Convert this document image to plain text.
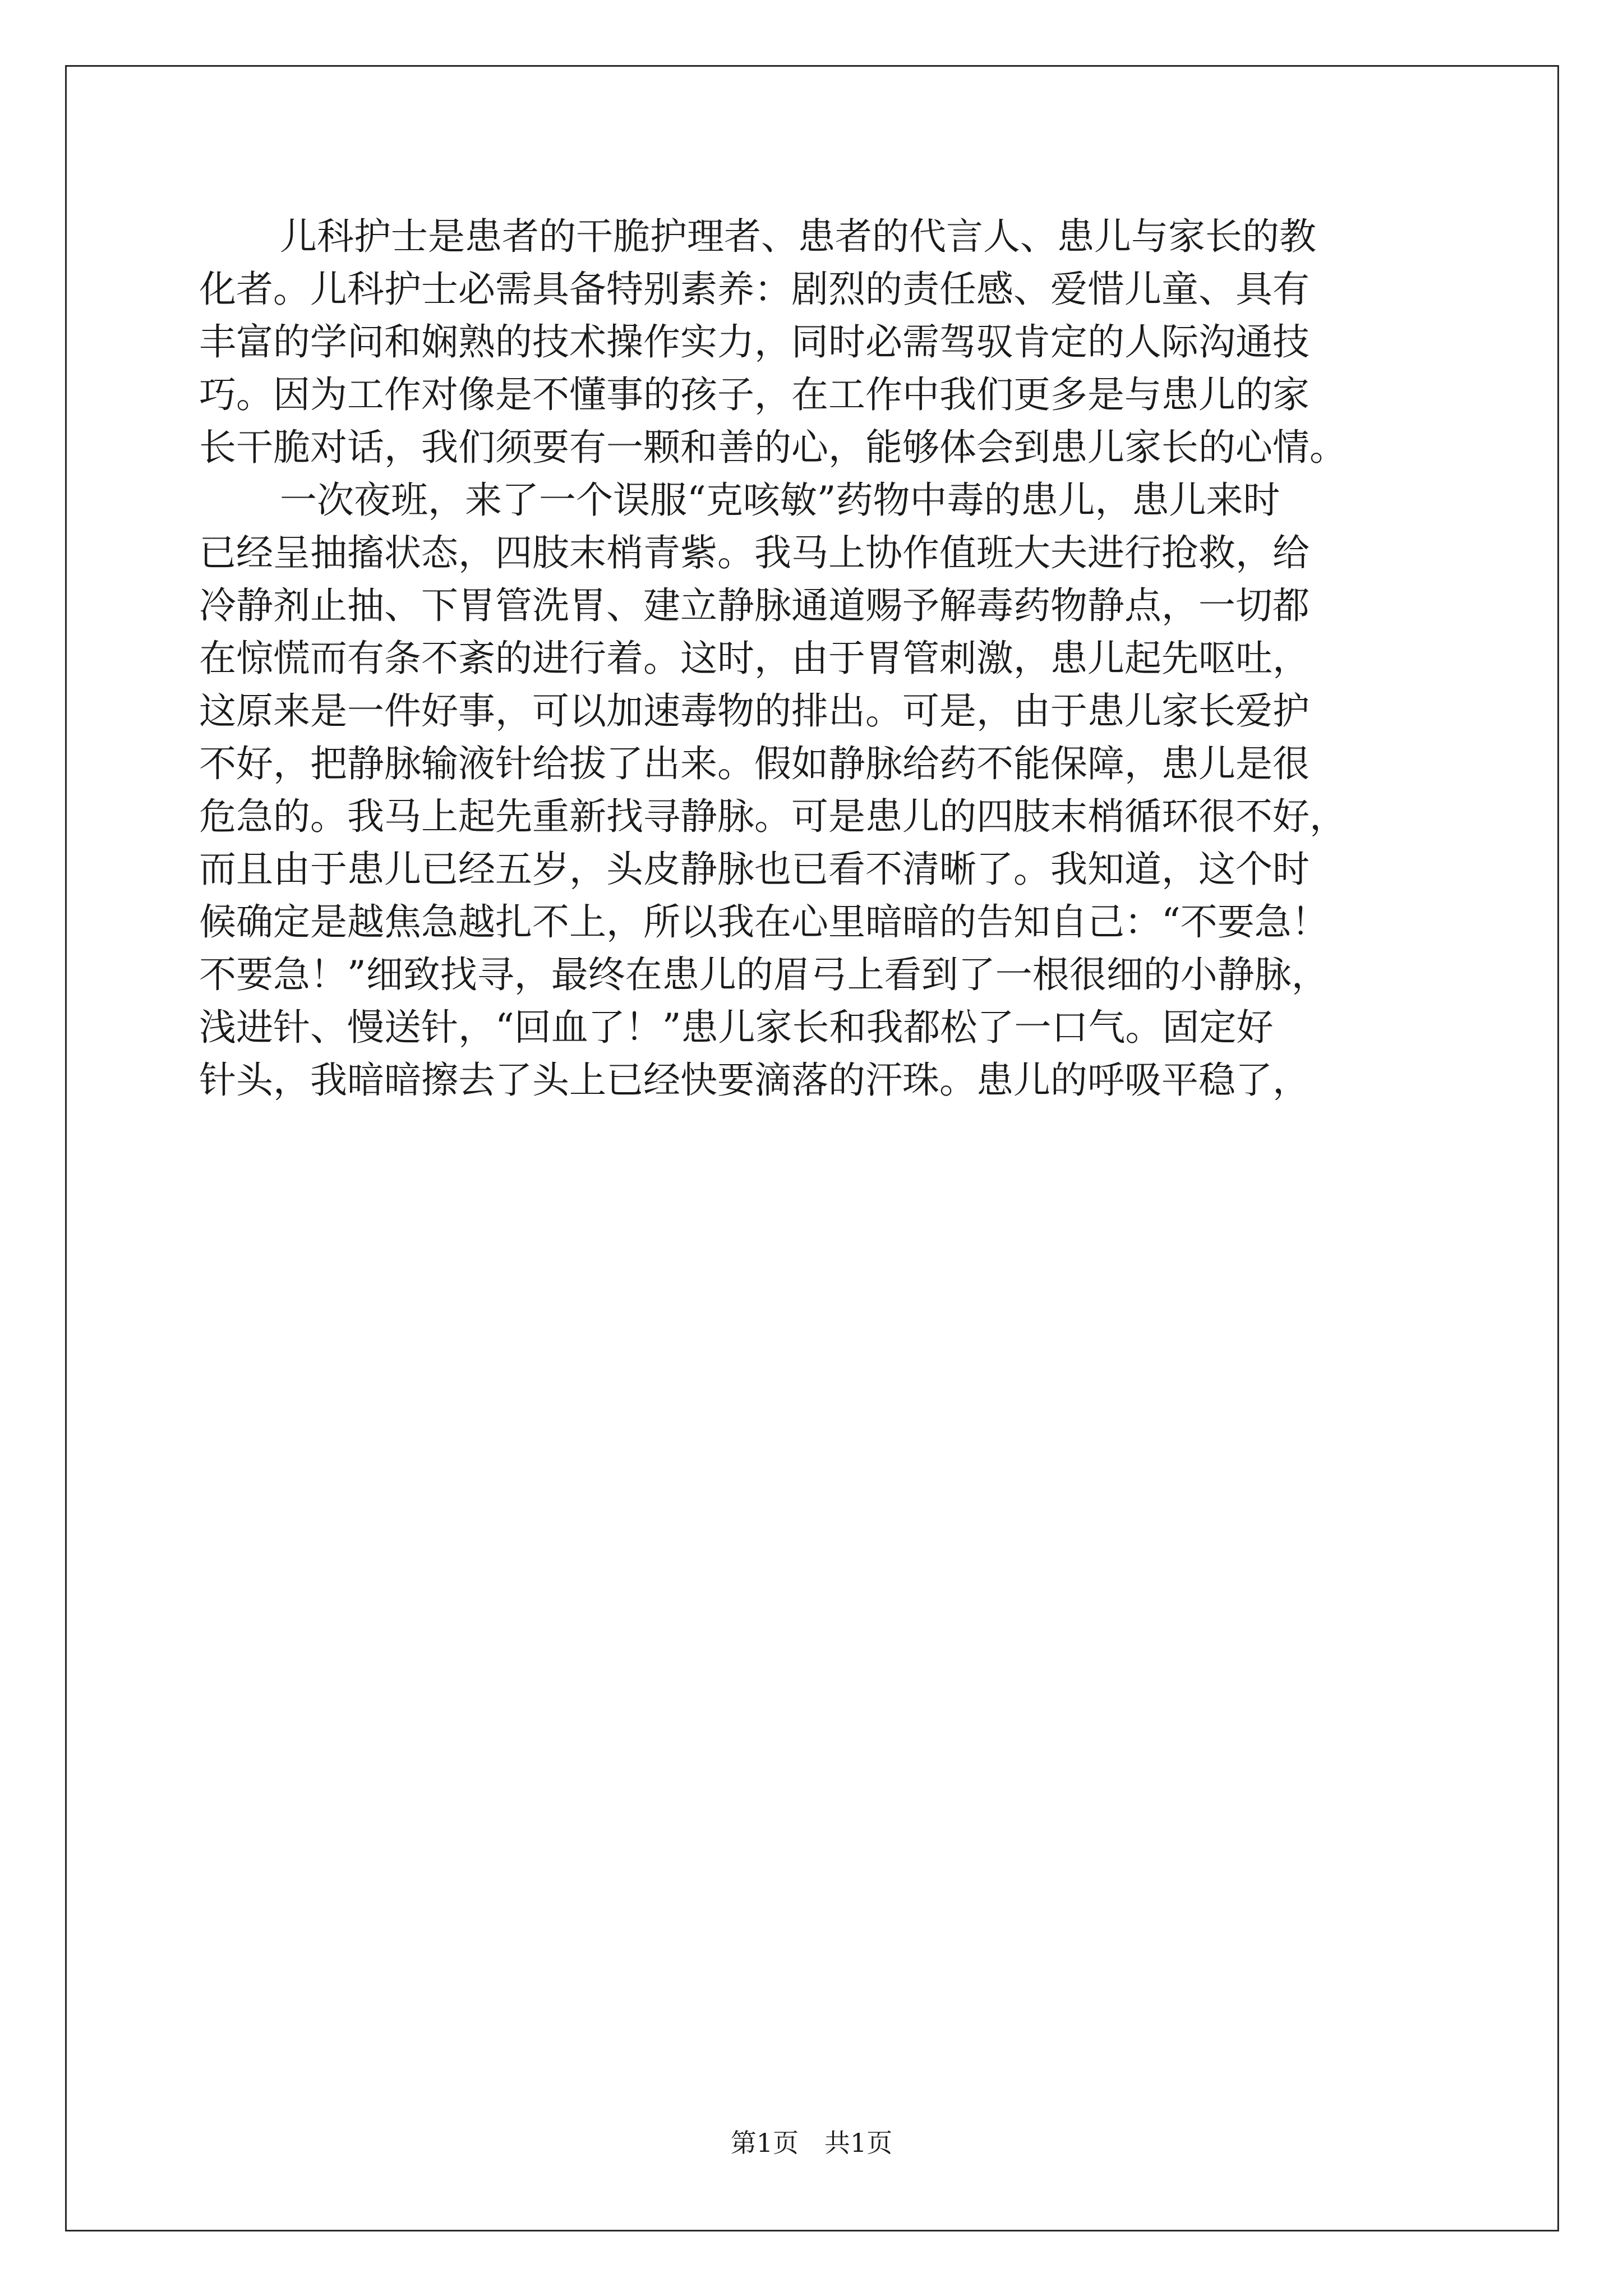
儿科护士是患者的干脆护理者、患者的代言人、患儿与家长的教
化者。儿科护士必需具备特别素养：剧烈的责任感、爱惜儿童、具有
丰富的学问和娴熟的技术操作实力，同时必需驾驭肯定的人际沟通技
巧。因为工作对像是不懂事的孩子，在工作中我们更多是与患儿的家
长干脆对话，我们须要有一颗和善的心，能够体会到患儿家长的心情。
一次夜班，来了一个误服“克咳敏”药物中毒的患儿，患儿来时
已经呈抽搐状态，四肢末梢青紫。我马上协作值班大夫进行抢救，给
冷静剂止抽、下胃管洗胃、建立静脉通道赐予解毒药物静点，一切都
在惊慌而有条不紊的进行着。这时，由于胃管刺激，患儿起先呕吐，
这原来是一件好事，可以加速毒物的排出。可是，由于患儿家长爱护
不好，把静脉输液针给拔了出来。假如静脉给药不能保障，患儿是很
危急的。我马上起先重新找寻静脉。可是患儿的四肢末梢循环很不好，
而且由于患儿已经五岁，头皮静脉也已看不清晰了。我知道，这个时
候确定是越焦急越扎不上，所以我在心里暗暗的告知自己：“不要急！
不要急！”细致找寻，最终在患儿的眉弓上看到了一根很细的小静脉，
浅进针、慢送针，“回血了！”患儿家长和我都松了一口气。固定好
针头，我暗暗擦去了头上已经快要滴落的汗珠。患儿的呼吸平稳了，
第1页　共1页
